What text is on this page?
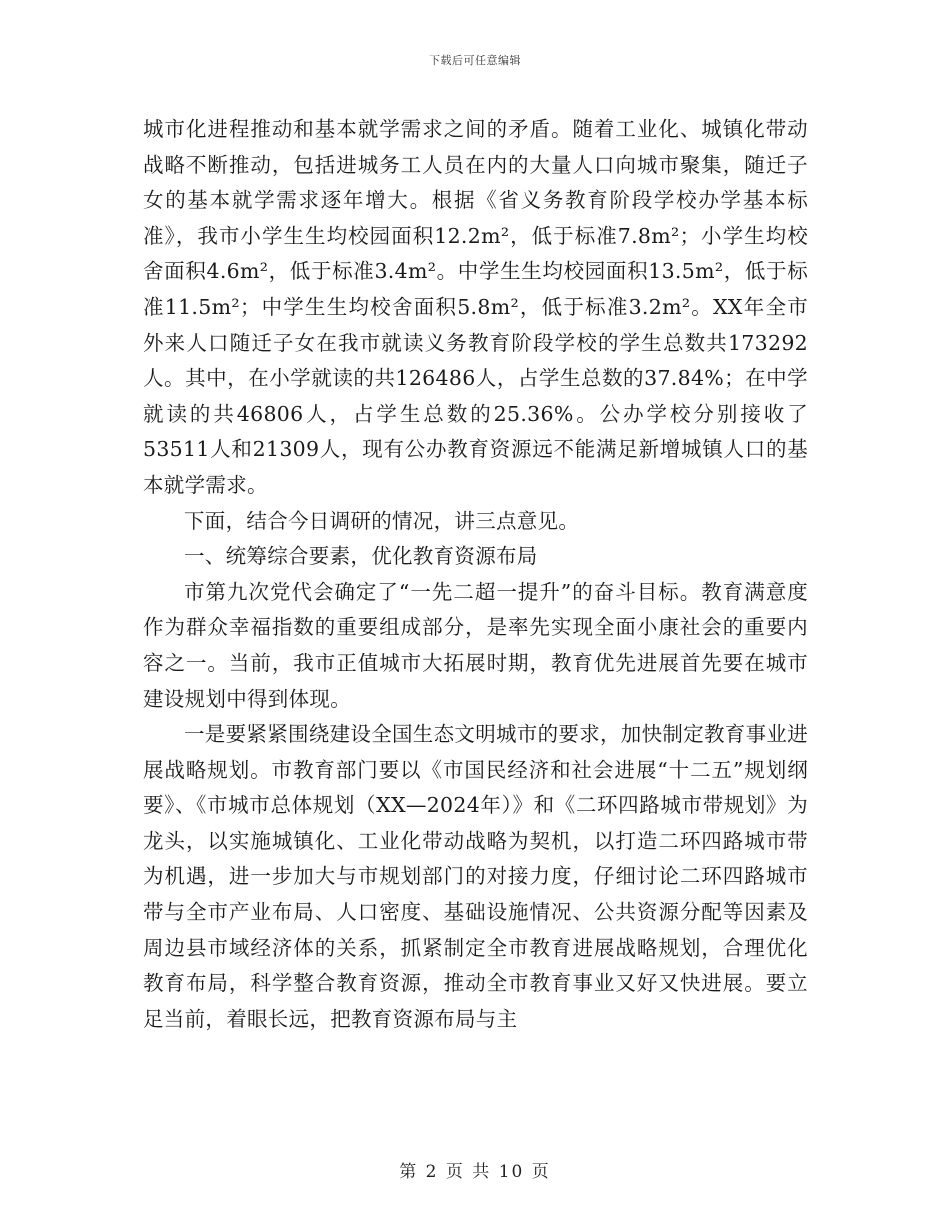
下载后可任意编辑

城市化进程推动和基本就学需求之间的矛盾。随着工业化、城镇化带动战略不断推动，包括进城务工人员在内的大量人口向城市聚集，随迁子女的基本就学需求逐年增大。根据《省义务教育阶段学校办学基本标准》，我市小学生生均校园面积12.2m²，低于标准7.8m²；小学生均校舍面积4.6m²，低于标准3.4m²。中学生生均校园面积13.5m²，低于标准11.5m²；中学生生均校舍面积5.8m²，低于标准3.2m²。XX年全市外来人口随迁子女在我市就读义务教育阶段学校的学生总数共173292人。其中，在小学就读的共126486人，占学生总数的37.84%；在中学就读的共46806人，占学生总数的25.36%。公办学校分别接收了53511人和21309人，现有公办教育资源远不能满足新增城镇人口的基本就学需求。

下面，结合今日调研的情况，讲三点意见。

一、统筹综合要素，优化教育资源布局

市第九次党代会确定了“一先二超一提升”的奋斗目标。教育满意度作为群众幸福指数的重要组成部分，是率先实现全面小康社会的重要内容之一。当前，我市正值城市大拓展时期，教育优先进展首先要在城市建设规划中得到体现。

一是要紧紧围绕建设全国生态文明城市的要求，加快制定教育事业进展战略规划。市教育部门要以《市国民经济和社会进展“十二五”规划纲要》、《市城市总体规划（XX—2024年）》和《二环四路城市带规划》为龙头，以实施城镇化、工业化带动战略为契机，以打造二环四路城市带为机遇，进一步加大与市规划部门的对接力度，仔细讨论二环四路城市带与全市产业布局、人口密度、基础设施情况、公共资源分配等因素及周边县市域经济体的关系，抓紧制定全市教育进展战略规划，合理优化教育布局，科学整合教育资源，推动全市教育事业又好又快进展。要立足当前，着眼长远，把教育资源布局与主

第 2 页 共 10 页
